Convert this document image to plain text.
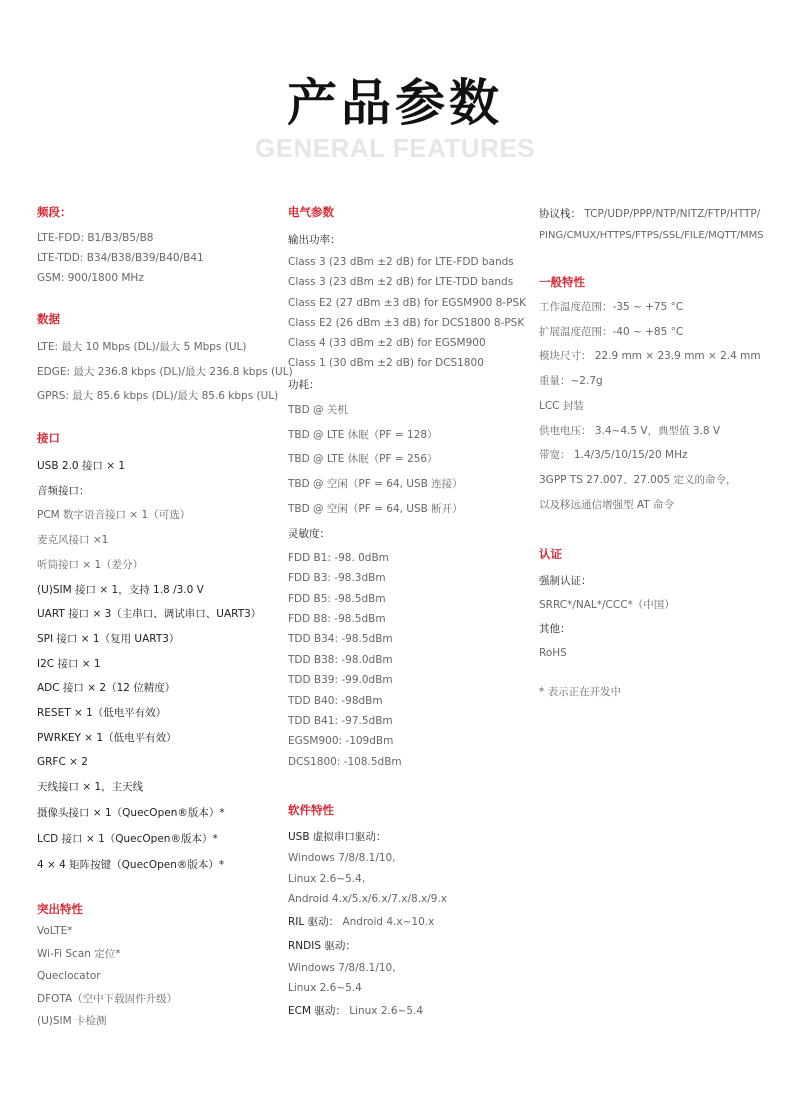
产品参数
GENERAL FEATURES
频段：
LTE-FDD: B1/B3/B5/B8
LTE-TDD: B34/B38/B39/B40/B41
GSM: 900/1800 MHz
数据
LTE: 最大 10 Mbps (DL)/最大 5 Mbps (UL)
EDGE: 最大 236.8 kbps (DL)/最大 236.8 kbps (UL)
GPRS: 最大 85.6 kbps (DL)/最大 85.6 kbps (UL)
接口
USB 2.0 接口 × 1
音频接口：
PCM 数字语音接口 × 1（可选）
麦克风接口 ×1
听筒接口 × 1（差分）
(U)SIM 接口 × 1，支持 1.8 /3.0 V
UART 接口 × 3（主串口、调试串口、UART3）
SPI 接口 × 1（复用 UART3）
I2C 接口 × 1
ADC 接口 × 2（12 位精度）
RESET × 1（低电平有效）
PWRKEY × 1（低电平有效）
GRFC × 2
天线接口 × 1，主天线
摄像头接口 × 1（QuecOpen®版本）*
LCD 接口 × 1（QuecOpen®版本）*
4 × 4 矩阵按键（QuecOpen®版本）*
突出特性
VoLTE*
Wi-Fi Scan 定位*
Queclocator
DFOTA（空中下载固件升级）
(U)SIM 卡检测
电气参数
输出功率：
Class 3 (23 dBm ±2 dB) for LTE-FDD bands
Class 3 (23 dBm ±2 dB) for LTE-TDD bands
Class E2 (27 dBm ±3 dB) for EGSM900 8-PSK
Class E2 (26 dBm ±3 dB) for DCS1800 8-PSK
Class 4 (33 dBm ±2 dB) for EGSM900
Class 1 (30 dBm ±2 dB) for DCS1800
功耗：
TBD @ 关机
TBD @ LTE 休眠（PF = 128）
TBD @ LTE 休眠（PF = 256）
TBD @ 空闲（PF = 64, USB 连接）
TBD @ 空闲（PF = 64, USB 断开）
灵敏度：
FDD B1: -98. 0dBm
FDD B3: -98.3dBm
FDD B5: -98.5dBm
FDD B8: -98.5dBm
TDD B34: -98.5dBm
TDD B38: -98.0dBm
TDD B39: -99.0dBm
TDD B40: -98dBm
TDD B41: -97.5dBm
EGSM900: -109dBm
DCS1800: -108.5dBm
软件特性
USB 虚拟串口驱动：
Windows 7/8/8.1/10,
Linux 2.6~5.4,
Android 4.x/5.x/6.x/7.x/8.x/9.x
RIL 驱动： Android 4.x~10.x
RNDIS 驱动：
Windows 7/8/8.1/10,
Linux 2.6~5.4
ECM 驱动： Linux 2.6~5.4
协议栈： TCP/UDP/PPP/NTP/NITZ/FTP/HTTP/
PING/CMUX/HTTPS/FTPS/SSL/FILE/MQTT/MMS
一般特性
工作温度范围：-35 ~ +75 °C
扩展温度范围：-40 ~ +85 °C
模块尺寸： 22.9 mm × 23.9 mm × 2.4 mm
重量：~2.7g
LCC 封装
供电电压： 3.4~4.5 V，典型值 3.8 V
带宽： 1.4/3/5/10/15/20 MHz
3GPP TS 27.007、27.005 定义的命令，
以及移远通信增强型 AT 命令
认证
强制认证：
SRRC*/NAL*/CCC*（中国）
其他：
RoHS
* 表示正在开发中
